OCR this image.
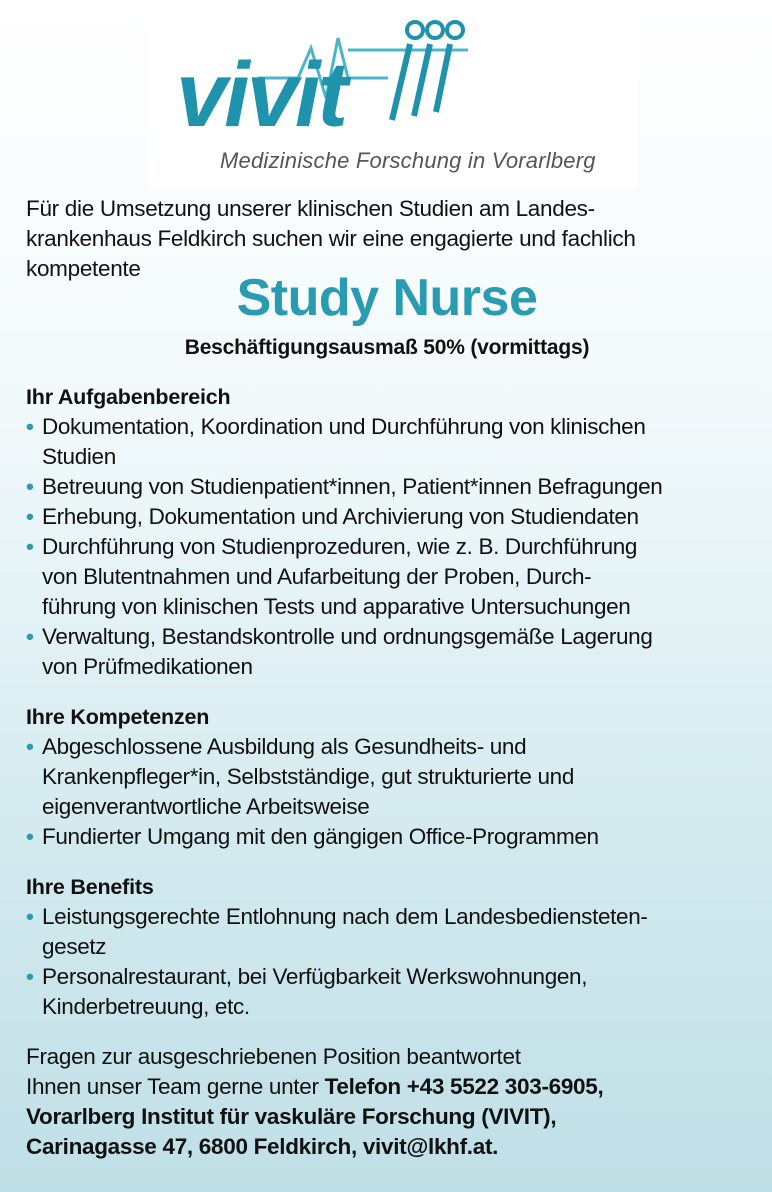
vivit
Medizinische Forschung in Vorarlberg

Für die Umsetzung unserer klinischen Studien am Landes-
krankenhaus Feldkirch suchen wir eine engagierte und fachlich
kompetente

Study Nurse
Beschäftigungsausmaß 50% (vormittags)

Ihr Aufgabenbereich

• Dokumentation, Koordination und Durchführung von klinischen
Studien
• Betreuung von Studienpatient*innen, Patient*innen Befragungen
• Erhebung, Dokumentation und Archivierung von Studiendaten
• Durchführung von Studienprozeduren, wie z. B. Durchführung
von Blutentnahmen und Aufarbeitung der Proben, Durch-
führung von klinischen Tests und apparative Untersuchungen
• Verwaltung, Bestandskontrolle und ordnungsgemäße Lagerung
von Prüfmedikationen

Ihre Kompetenzen

• Abgeschlossene Ausbildung als Gesundheits- und
Krankenpfleger*in, Selbstständige, gut strukturierte und
eigenverantwortliche Arbeitsweise
• Fundierter Umgang mit den gängigen Office-Programmen

Ihre Benefits

• Leistungsgerechte Entlohnung nach dem Landesbediensteten-
gesetz
• Personalrestaurant, bei Verfügbarkeit Werkswohnungen,
Kinderbetreuung, etc.
Fragen zur ausgeschriebenen Position beantwortet
Ihnen unser Team gerne unter Telefon +43 5522 303-6905,
Vorarlberg Institut für vaskuläre Forschung (VIVIT),
Carinagasse 47, 6800 Feldkirch, vivit@lkhf.at.
